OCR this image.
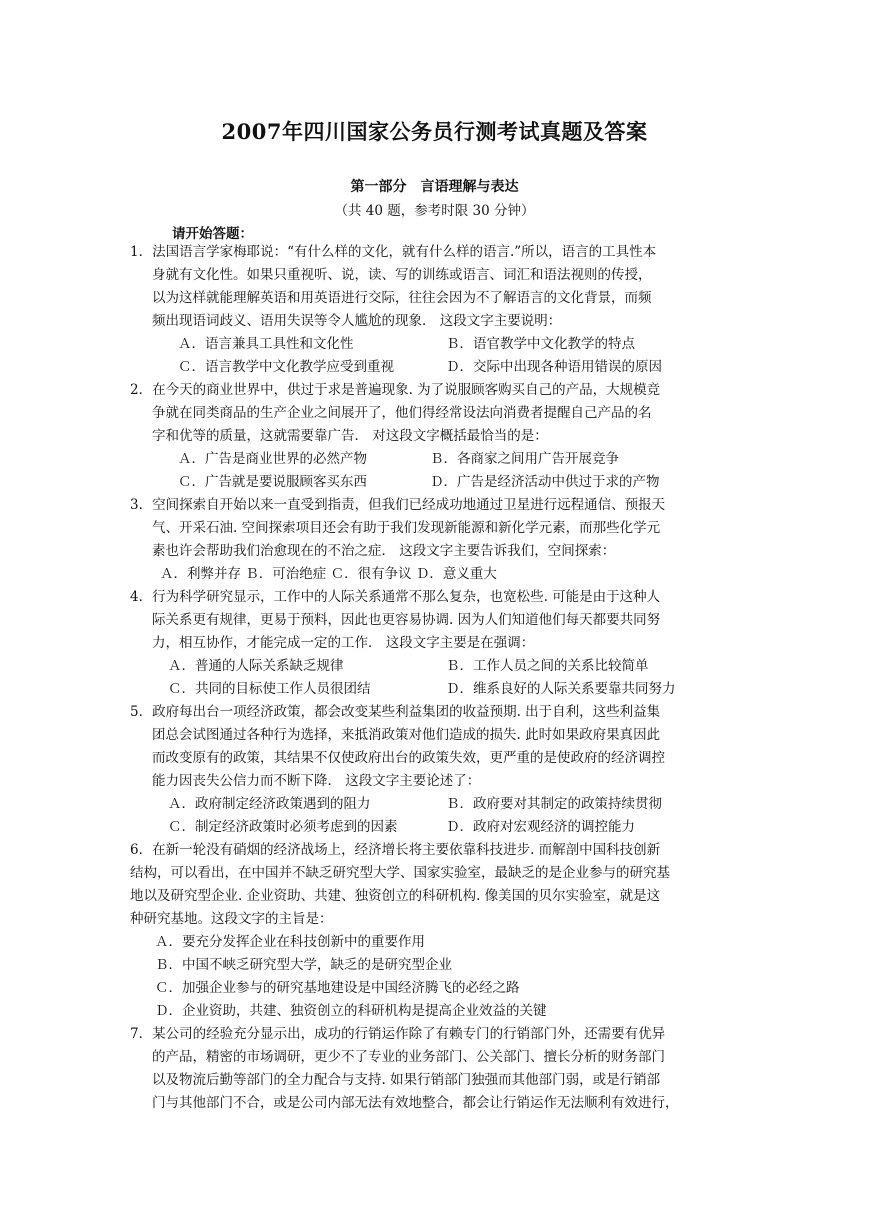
2007年四川国家公务员行测考试真题及答案
第一部分 言语理解与表达
（共 40 题，参考时限 30 分钟）
请开始答题：
1．法国语言学家梅耶说：“有什么样的文化，就有什么样的语言.”所以，语言的工具性本
身就有文化性。如果只重视听、说，读、写的训练或语言、词汇和语法视则的传授，
以为这样就能理解英语和用英语进行交际，往往会因为不了解语言的文化背景，而频
频出现语词歧义、语用失误等令人尴尬的现象． 这段文字主要说明：
Ａ．语言兼具工具性和文化性	Ｂ．语官教学中文化教学的特点
Ｃ．语言教学中文化教学应受到重视	Ｄ．交际中出现各种语用错误的原因
2．在今天的商业世界中，供过于求是普遍现象. 为了说服顾客购买自己的产品，大规模竞
争就在同类商品的生产企业之间展开了，他们得经常设法向消费者提醒自己产品的名
字和优等的质量，这就需要靠广告． 对这段文字概括最恰当的是：
Ａ．广告是商业世界的必然产物	Ｂ．各商家之间用广告开展竞争
Ｃ．广告就是要说服顾客买东西	Ｄ．广告是经济活动中供过于求的产物
3．空间探索自开始以来一直受到指责，但我们已经成功地通过卫星进行远程通信、预报天
气、开采石油. 空间探索项目还会有助于我们发现新能源和新化学元素，而那些化学元
素也许会帮助我们治愈现在的不治之症． 这段文字主要告诉我们，空间探索：
Ａ．利弊并存 Ｂ．可治绝症 Ｃ．很有争议 Ｄ．意义重大
4．行为科学研究显示，工作中的人际关系通常不那么复杂，也宽松些. 可能是由于这种人
际关系更有规律，更易于预料，因此也更容易协调. 因为人们知道他们每天都要共同努
力，相互协作，才能完成一定的工作． 这段文字主要是在强调：
Ａ．普通的人际关系缺乏规律	Ｂ．工作人员之间的关系比较简单
Ｃ．共同的目标使工作人员很团结	Ｄ．维系良好的人际关系要靠共同努力
5．政府每出台一项经济政策，都会改变某些利益集团的收益预期. 出于自利，这些利益集
团总会试图通过各种行为选择，来抵消政策对他们造成的损失. 此时如果政府果真因此
而改变原有的政策，其结果不仅使政府出台的政策失效，更严重的是使政府的经济调控
能力因丧失公信力而不断下降． 这段文字主要论述了：
Ａ．政府制定经济政策遇到的阻力	Ｂ．政府要对其制定的政策持续贯彻
Ｃ．制定经济政策时必须考虑到的因素	Ｄ．政府对宏观经济的调控能力
6．在新一轮没有硝烟的经济战场上，经济增长将主要依靠科技进步. 而解剖中国科技创新
结构，可以看出，在中国并不缺乏研究型大学、国家实验室，最缺乏的是企业参与的研究基
地以及研究型企业. 企业资助、共建、独资创立的科研机构. 像美国的贝尔实验室，就是这
种研究基地。这段文字的主旨是：
Ａ．要充分发挥企业在科技创新中的重要作用
Ｂ．中国不峡乏研究型大学，缺乏的是研究型企业
Ｃ．加强企业参与的研究基地建设是中国经济腾飞的必经之路
Ｄ．企业资助，共建、独资创立的科研机构是提高企业效益的关键
7．某公司的经验充分显示出，成功的行销运作除了有赖专门的行销部门外，还需要有优异
的产品，精密的市场调研，更少不了专业的业务部门、公关部门、擅长分析的财务部门
以及物流后勤等部门的全力配合与支持. 如果行销部门独强而其他部门弱，或是行销部
门与其他部门不合，或是公司内部无法有效地整合，都会让行销运作无法顺利有效进行，
